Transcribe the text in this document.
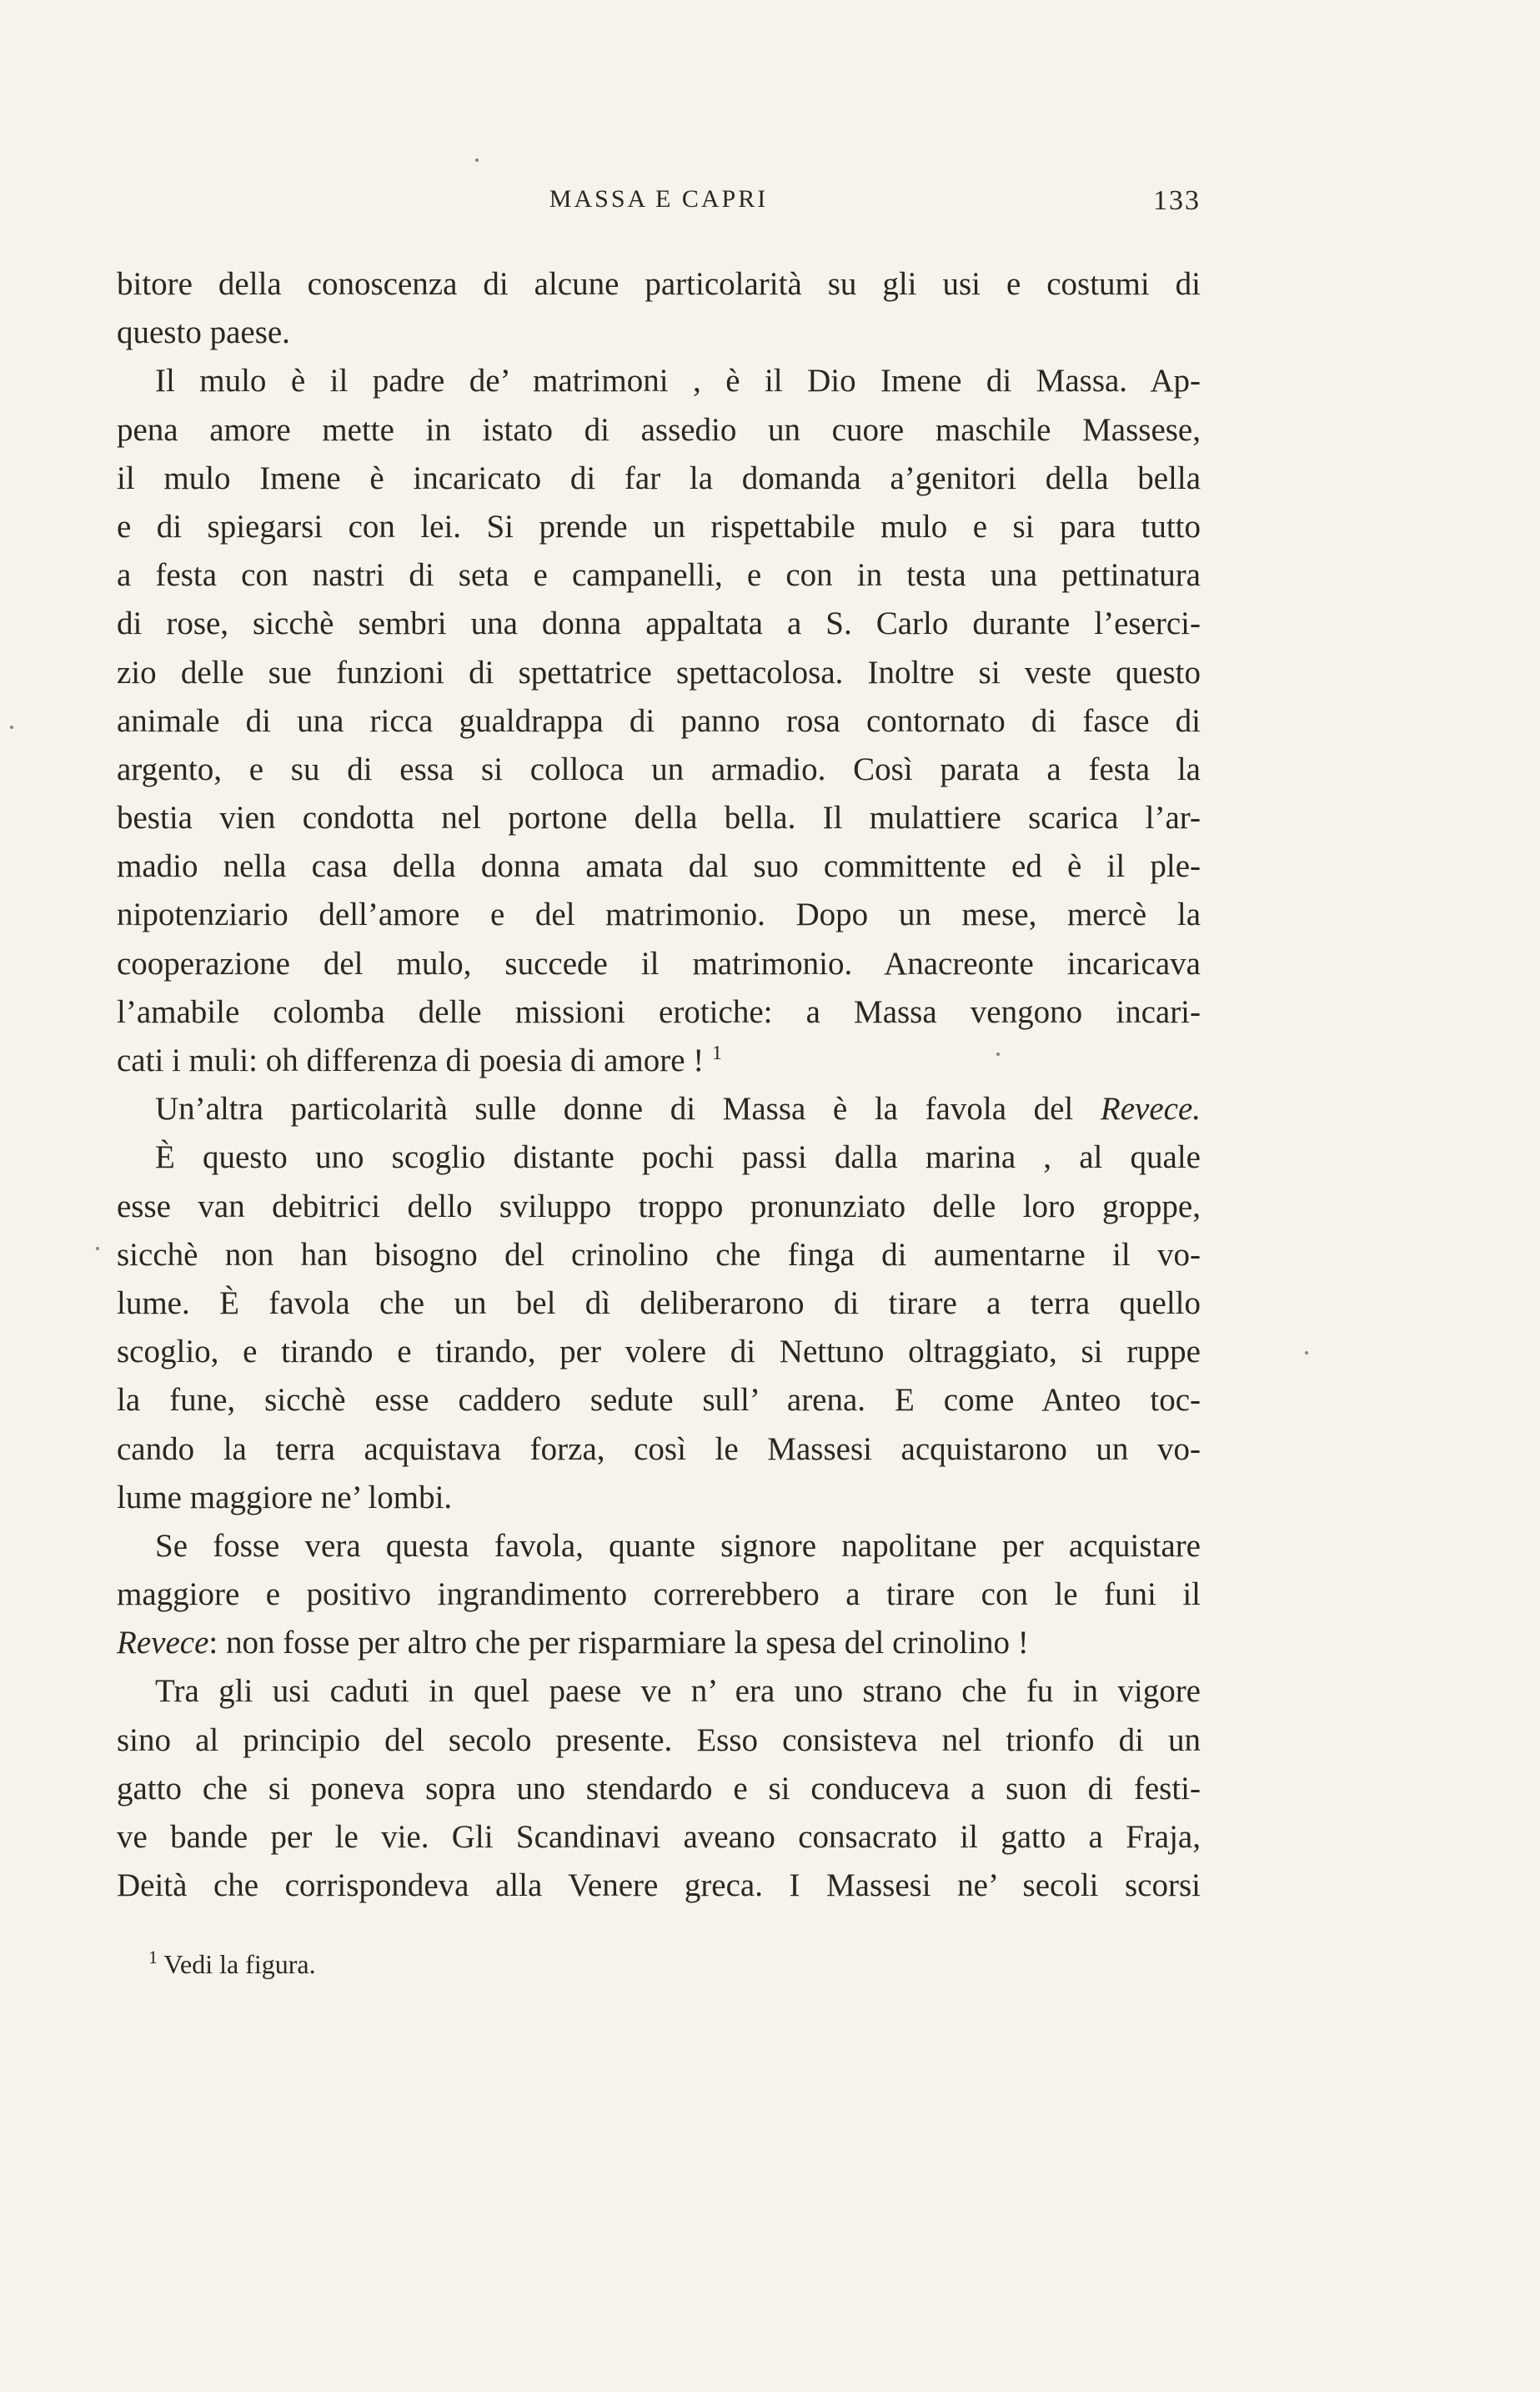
MASSA E CAPRI	133
bitore della conoscenza di alcune particolarità su gli usi e costumi di
questo paese.
Il mulo è il padre de’ matrimoni , è il Dio Imene di Massa. Ap-
pena amore mette in istato di assedio un cuore maschile Massese,
il mulo Imene è incaricato di far la domanda a’genitori della bella
e di spiegarsi con lei. Si prende un rispettabile mulo e si para tutto
a festa con nastri di seta e campanelli, e con in testa una pettinatura
di rose, sicchè sembri una donna appaltata a S. Carlo durante l’eserci-
zio delle sue funzioni di spettatrice spettacolosa. Inoltre si veste questo
animale di una ricca gualdrappa di panno rosa contornato di fasce di
argento, e su di essa si colloca un armadio. Così parata a festa la
bestia vien condotta nel portone della bella. Il mulattiere scarica l’ar-
madio nella casa della donna amata dal suo committente ed è il ple-
nipotenziario dell’amore e del matrimonio. Dopo un mese, mercè la
cooperazione del mulo, succede il matrimonio. Anacreonte incaricava
l’amabile colomba delle missioni erotiche: a Massa vengono incari-
cati i muli: oh differenza di poesia di amore ! $^1$
Un’altra particolarità sulle donne di Massa è la favola del Revece.
È questo uno scoglio distante pochi passi dalla marina , al quale
esse van debitrici dello sviluppo troppo pronunziato delle loro groppe,
sicchè non han bisogno del crinolino che finga di aumentarne il vo-
lume. È favola che un bel dì deliberarono di tirare a terra quello
scoglio, e tirando e tirando, per volere di Nettuno oltraggiato, si ruppe
la fune, sicchè esse caddero sedute sull’ arena. E come Anteo toc-
cando la terra acquistava forza, così le Massesi acquistarono un vo-
lume maggiore ne’ lombi.
Se fosse vera questa favola, quante signore napolitane per acquistare
maggiore e positivo ingrandimento correrebbero a tirare con le funi il
Revece: non fosse per altro che per risparmiare la spesa del crinolino !
Tra gli usi caduti in quel paese ve n’ era uno strano che fu in vigore
sino al principio del secolo presente. Esso consisteva nel trionfo di un
gatto che si poneva sopra uno stendardo e si conduceva a suon di festi-
ve bande per le vie. Gli Scandinavi aveano consacrato il gatto a Fraja,
Deità che corrispondeva alla Venere greca. I Massesi ne’ secoli scorsi
$^1$ Vedi la figura.
